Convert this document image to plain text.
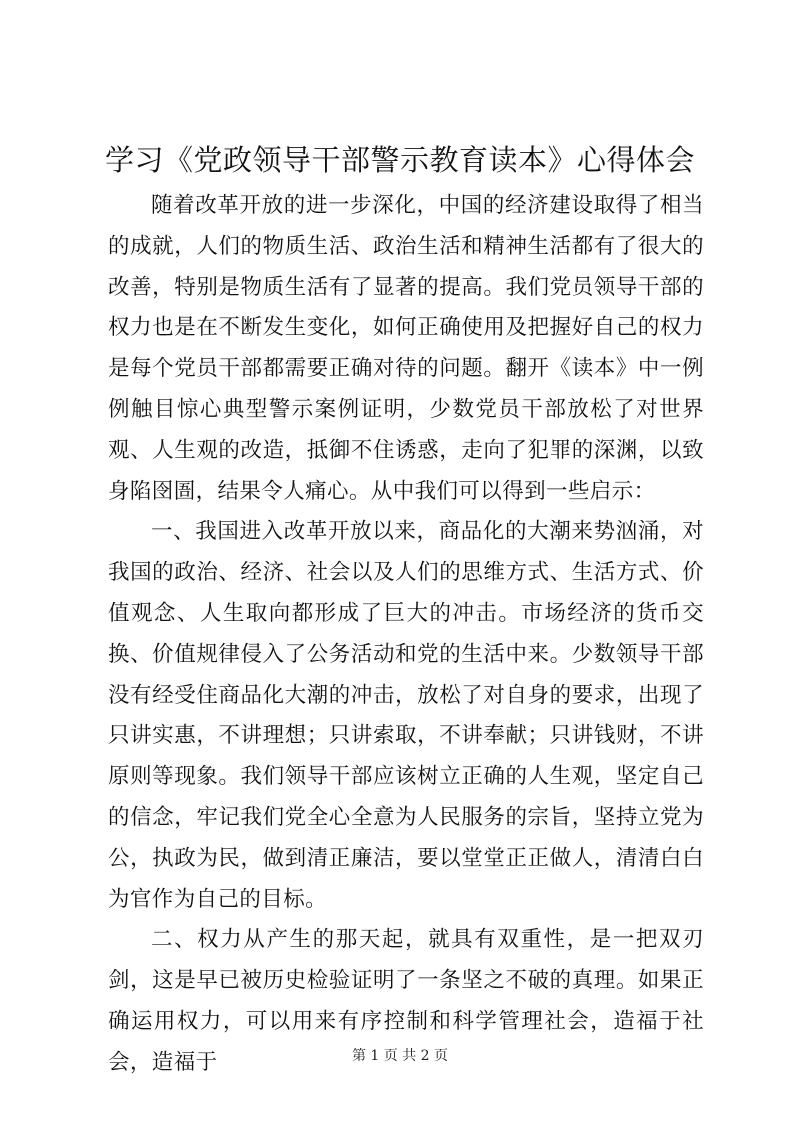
学习《党政领导干部警示教育读本》心得体会

随着改革开放的进一步深化，中国的经济建设取得了相当的成就，人们的物质生活、政治生活和精神生活都有了很大的改善，特别是物质生活有了显著的提高。我们党员领导干部的权力也是在不断发生变化，如何正确使用及把握好自己的权力是每个党员干部都需要正确对待的问题。翻开《读本》中一例例触目惊心典型警示案例证明，少数党员干部放松了对世界观、人生观的改造，抵御不住诱惑，走向了犯罪的深渊，以致身陷囹圄，结果令人痛心。从中我们可以得到一些启示：

一、我国进入改革开放以来，商品化的大潮来势汹涌，对我国的政治、经济、社会以及人们的思维方式、生活方式、价值观念、人生取向都形成了巨大的冲击。市场经济的货币交换、价值规律侵入了公务活动和党的生活中来。少数领导干部没有经受住商品化大潮的冲击，放松了对自身的要求，出现了只讲实惠，不讲理想；只讲索取，不讲奉献；只讲钱财，不讲原则等现象。我们领导干部应该树立正确的人生观，坚定自己的信念，牢记我们党全心全意为人民服务的宗旨，坚持立党为公，执政为民，做到清正廉洁，要以堂堂正正做人，清清白白为官作为自己的目标。

二、权力从产生的那天起，就具有双重性，是一把双刃剑，这是早已被历史检验证明了一条坚之不破的真理。如果正确运用权力，可以用来有序控制和科学管理社会，造福于社会，造福于	第 1 页 共 2 页
